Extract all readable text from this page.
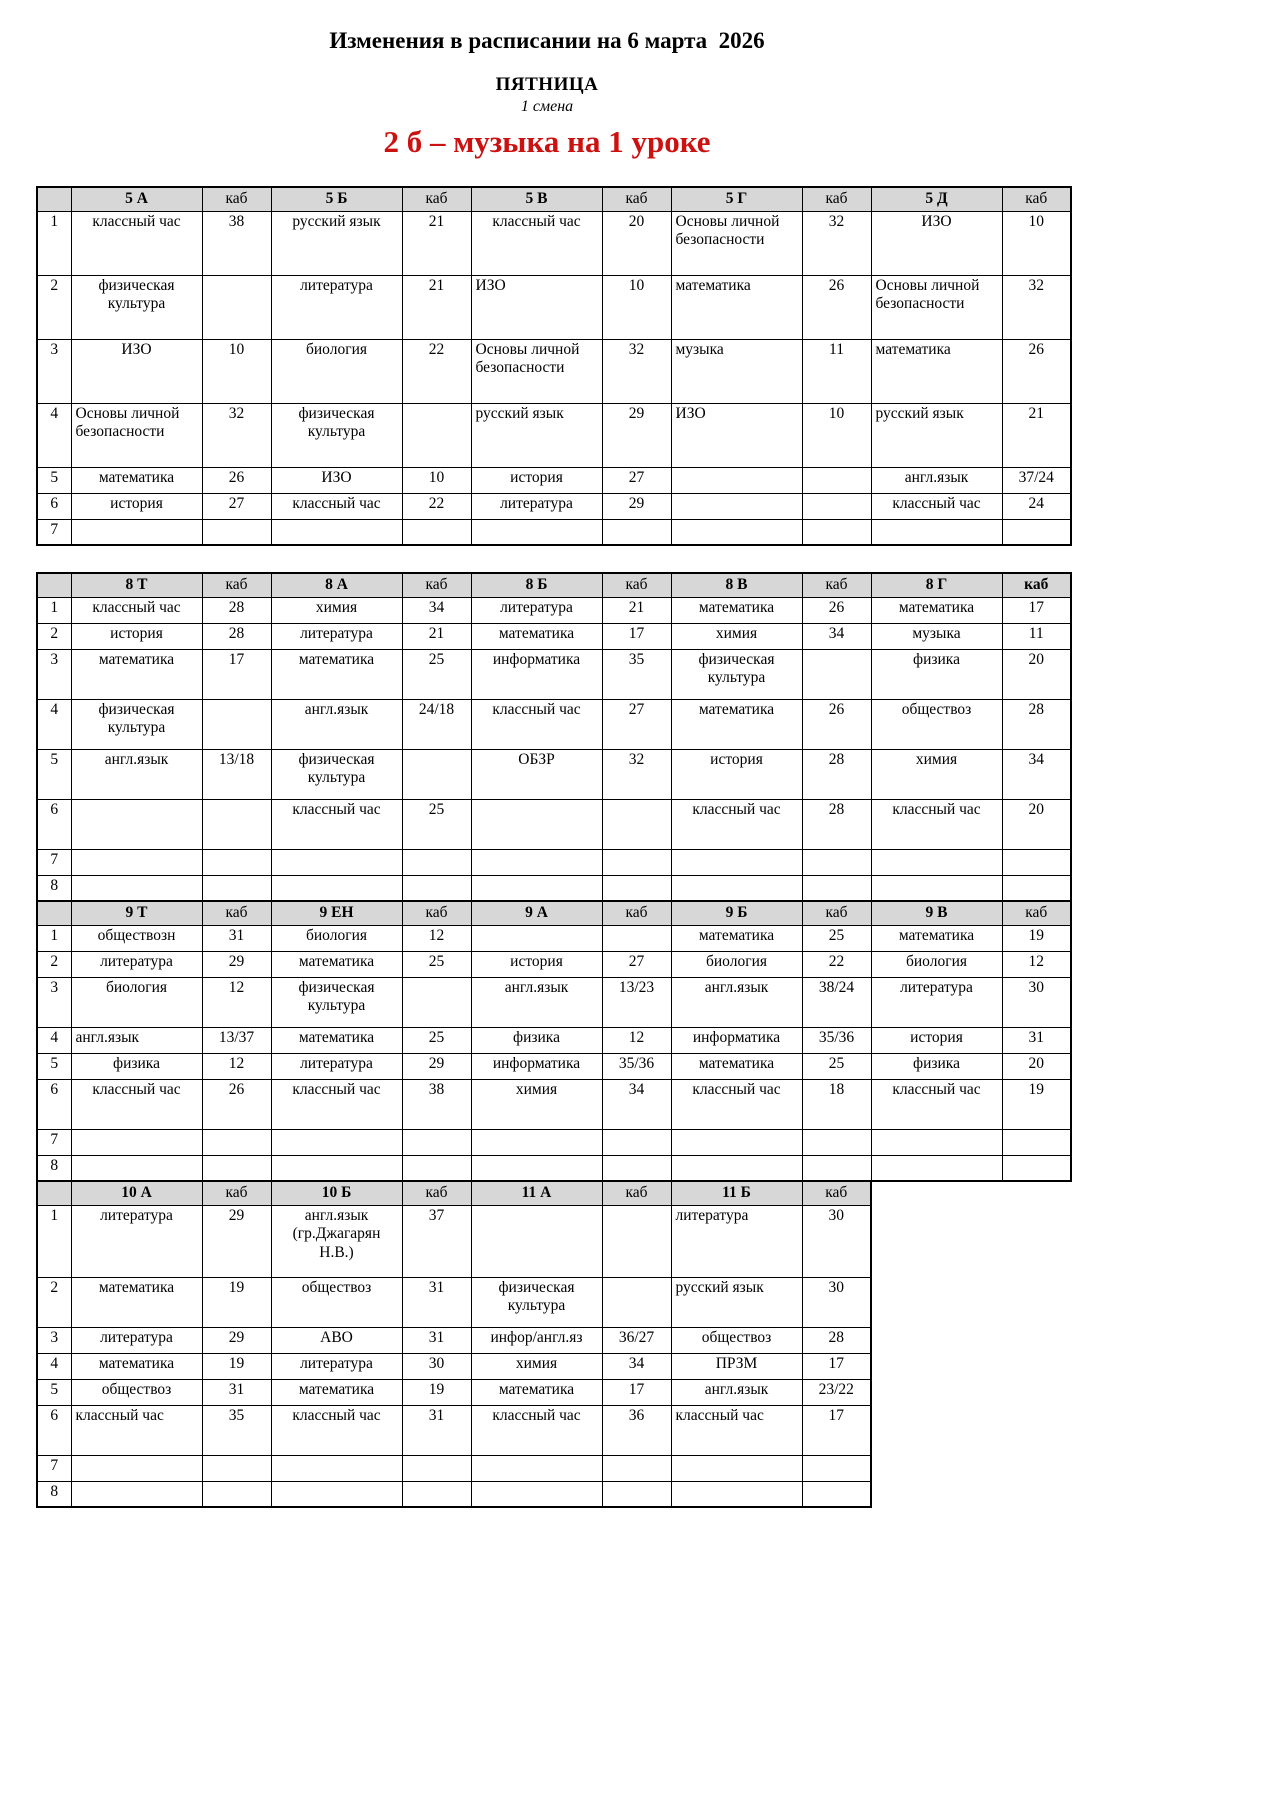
Изменения в расписании на 6 марта  2026
ПЯТНИЦА
1 смена
2 б – музыка на 1 уроке
	5 А	каб	5 Б	каб	5 В	каб	5 Г	каб	5 Д	каб
1	классный час	38	русский язык	21	классный час	20	Основы личной безопасности	32	ИЗО	10
2	физическая культура		литература	21	ИЗО	10	математика	26	Основы личной безопасности	32
3	ИЗО	10	биология	22	Основы личной безопасности	32	музыка	11	математика	26
4	Основы личной безопасности	32	физическая культура		русский язык	29	ИЗО	10	русский язык	21
5	математика	26	ИЗО	10	история	27			англ.язык	37/24
6	история	27	классный час	22	литература	29			классный час	24
7										
	8 Т	каб	8 А	каб	8 Б	каб	8 В	каб	8 Г	каб
1	классный час	28	химия	34	литература	21	математика	26	математика	17
2	история	28	литература	21	математика	17	химия	34	музыка	11
3	математика	17	математика	25	информатика	35	физическая культура		физика	20
4	физическая культура		англ.язык	24/18	классный час	27	математика	26	обществоз	28
5	англ.язык	13/18	физическая культура		ОБЗР	32	история	28	химия	34
6			классный час	25			классный час	28	классный час	20
7										
8										
	9 Т	каб	9 ЕН	каб	9 А	каб	9 Б	каб	9 В	каб
1	обществозн	31	биология	12			математика	25	математика	19
2	литература	29	математика	25	история	27	биология	22	биология	12
3	биология	12	физическая культура		англ.язык	13/23	англ.язык	38/24	литература	30
4	англ.язык	13/37	математика	25	физика	12	информатика	35/36	история	31
5	физика	12	литература	29	информатика	35/36	математика	25	физика	20
6	классный час	26	классный час	38	химия	34	классный час	18	классный час	19
7										
8										
	10 А	каб	10 Б	каб	11 А	каб	11 Б	каб
1	литература	29	англ.язык (гр.Джагарян Н.В.)	37			литература	30
2	математика	19	обществоз	31	физическая культура		русский язык	30
3	литература	29	АВО	31	инфор/англ.яз	36/27	обществоз	28
4	математика	19	литература	30	химия	34	ПРЗМ	17
5	обществоз	31	математика	19	математика	17	англ.язык	23/22
6	классный час	35	классный час	31	классный час	36	классный час	17
7								
8								
